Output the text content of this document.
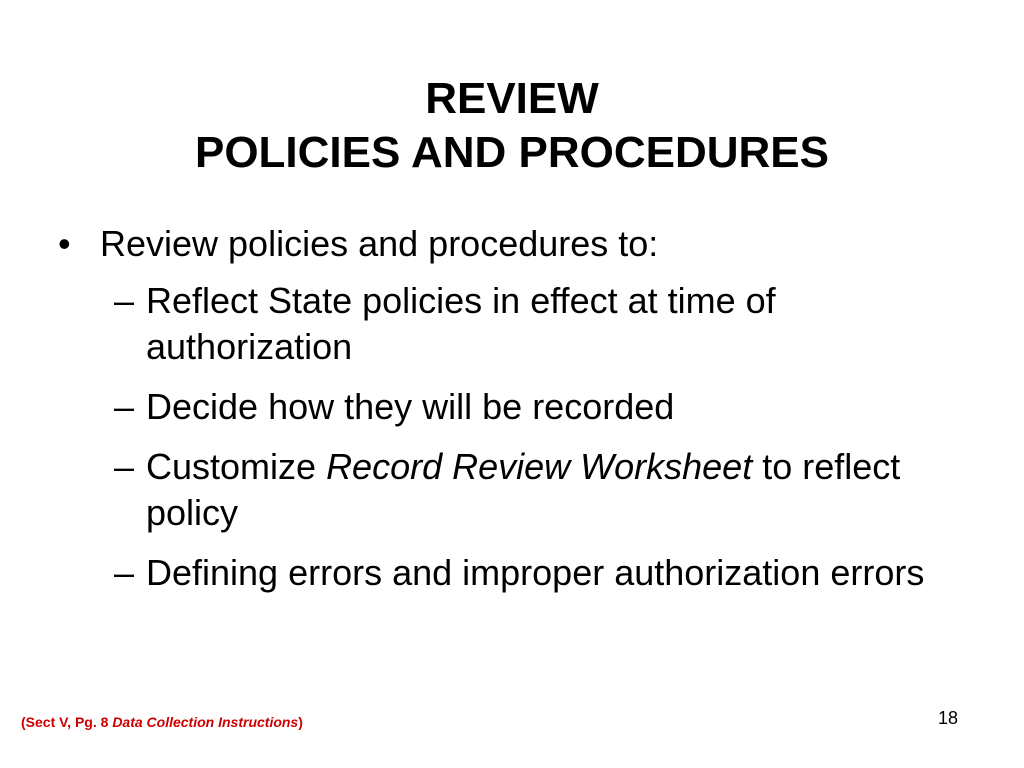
REVIEW
POLICIES AND PROCEDURES
• Review policies and procedures to:
– Reflect State policies in effect at time of authorization
– Decide how they will be recorded
– Customize Record Review Worksheet to reflect policy
– Defining errors and improper authorization errors
(Sect V, Pg. 8 Data Collection Instructions)	18
